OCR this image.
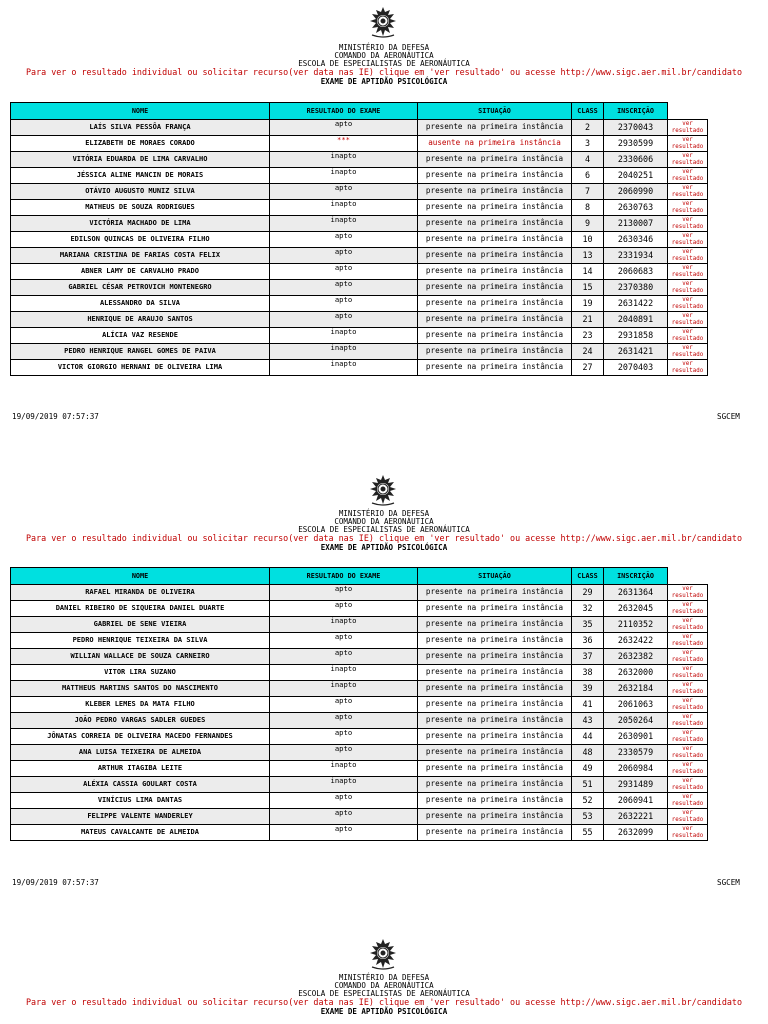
MINISTÉRIO DA DEFESA
COMANDO DA AERONÁUTICA
ESCOLA DE ESPECIALISTAS DE AERONÁUTICA
Para ver o resultado individual ou solicitar recurso(ver data nas IE) clique em 'ver resultado' ou acesse http://www.sigc.aer.mil.br/candidato
EXAME DE APTIDÃO PSICOLÓGICA
NOME	RESULTADO DO EXAME	SITUAÇÃO	CLASS	INSCRIÇÃO	
LAÍS SILVA PESSÔA FRANÇA	apto	presente na primeira instância	2	2370043	ver resultado
ELIZABETH DE MORAES CORADO	***	ausente na primeira instância	3	2930599	ver resultado
VITÓRIA EDUARDA DE LIMA CARVALHO	inapto	presente na primeira instância	4	2330606	ver resultado
JÉSSICA ALINE MANCIN DE MORAIS	inapto	presente na primeira instância	6	2040251	ver resultado
OTÁVIO AUGUSTO MUNIZ SILVA	apto	presente na primeira instância	7	2060990	ver resultado
MATHEUS DE SOUZA RODRIGUES	inapto	presente na primeira instância	8	2630763	ver resultado
VICTÓRIA MACHADO DE LIMA	inapto	presente na primeira instância	9	2130007	ver resultado
EDILSON QUINCAS DE OLIVEIRA FILHO	apto	presente na primeira instância	10	2630346	ver resultado
MARIANA CRISTINA DE FARIAS COSTA FELIX	apto	presente na primeira instância	13	2331934	ver resultado
ABNER LAMY DE CARVALHO PRADO	apto	presente na primeira instância	14	2060683	ver resultado
GABRIEL CÉSAR PETROVICH MONTENEGRO	apto	presente na primeira instância	15	2370380	ver resultado
ALESSANDRO DA SILVA	apto	presente na primeira instância	19	2631422	ver resultado
HENRIQUE DE ARAUJO SANTOS	apto	presente na primeira instância	21	2040891	ver resultado
ALÍCIA VAZ RESENDE	inapto	presente na primeira instância	23	2931858	ver resultado
PEDRO HENRIQUE RANGEL GOMES DE PAIVA	inapto	presente na primeira instância	24	2631421	ver resultado
VICTOR GIORGIO HERNANI DE OLIVEIRA LIMA	inapto	presente na primeira instância	27	2070403	ver resultado
19/09/2019 07:57:37	SGCEM
MINISTÉRIO DA DEFESA
COMANDO DA AERONÁUTICA
ESCOLA DE ESPECIALISTAS DE AERONÁUTICA
Para ver o resultado individual ou solicitar recurso(ver data nas IE) clique em 'ver resultado' ou acesse http://www.sigc.aer.mil.br/candidato
EXAME DE APTIDÃO PSICOLÓGICA
NOME	RESULTADO DO EXAME	SITUAÇÃO	CLASS	INSCRIÇÃO	
RAFAEL MIRANDA DE OLIVEIRA	apto	presente na primeira instância	29	2631364	ver resultado
DANIEL RIBEIRO DE SIQUEIRA DANIEL DUARTE	apto	presente na primeira instância	32	2632045	ver resultado
GABRIEL DE SENE VIEIRA	inapto	presente na primeira instância	35	2110352	ver resultado
PEDRO HENRIQUE TEIXEIRA DA SILVA	apto	presente na primeira instância	36	2632422	ver resultado
WILLIAN WALLACE DE SOUZA CARNEIRO	apto	presente na primeira instância	37	2632382	ver resultado
VITOR LIRA SUZANO	inapto	presente na primeira instância	38	2632000	ver resultado
MATTHEUS MARTINS SANTOS DO NASCIMENTO	inapto	presente na primeira instância	39	2632184	ver resultado
KLEBER LEMES DA MATA FILHO	apto	presente na primeira instância	41	2061063	ver resultado
JOÃO PEDRO VARGAS SADLER GUEDES	apto	presente na primeira instância	43	2050264	ver resultado
JÔNATAS CORREIA DE OLIVEIRA MACEDO FERNANDES	apto	presente na primeira instância	44	2630901	ver resultado
ANA LUISA TEIXEIRA DE ALMEIDA	apto	presente na primeira instância	48	2330579	ver resultado
ARTHUR ITAGIBA LEITE	inapto	presente na primeira instância	49	2060984	ver resultado
ALÉXIA CASSIA GOULART COSTA	inapto	presente na primeira instância	51	2931489	ver resultado
VINÍCIUS LIMA DANTAS	apto	presente na primeira instância	52	2060941	ver resultado
FELIPPE VALENTE WANDERLEY	apto	presente na primeira instância	53	2632221	ver resultado
MATEUS CAVALCANTE DE ALMEIDA	apto	presente na primeira instância	55	2632099	ver resultado
19/09/2019 07:57:37	SGCEM
MINISTÉRIO DA DEFESA
COMANDO DA AERONÁUTICA
ESCOLA DE ESPECIALISTAS DE AERONÁUTICA
Para ver o resultado individual ou solicitar recurso(ver data nas IE) clique em 'ver resultado' ou acesse http://www.sigc.aer.mil.br/candidato
EXAME DE APTIDÃO PSICOLÓGICA
